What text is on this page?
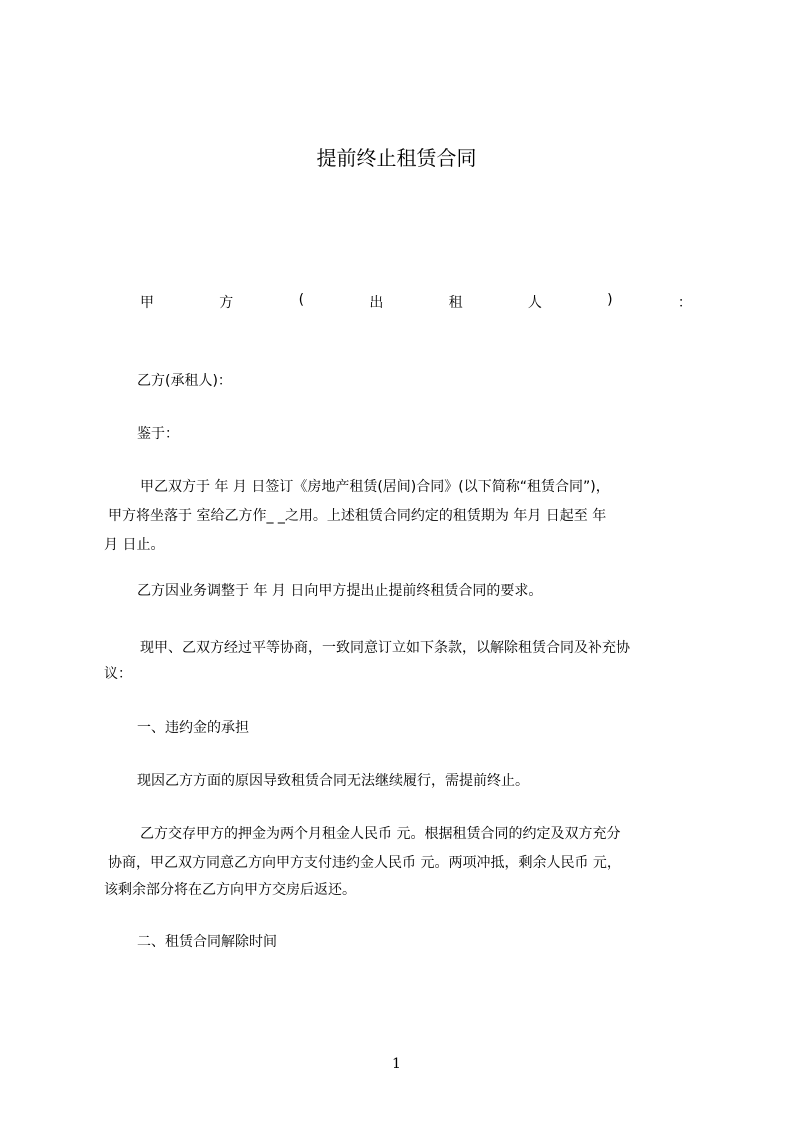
提前终止租赁合同
甲	方	(	出	租	人	)	：
乙方(承租人)：
鉴于：
甲乙双方于 年 月 日签订《房地产租赁(居间)合同》(以下简称“租赁合同”)，
甲方将坐落于 室给乙方作_ _之用。上述租赁合同约定的租赁期为 年月 日起至 年
月 日止。
乙方因业务调整于 年 月 日向甲方提出止提前终租赁合同的要求。
现甲、乙双方经过平等协商，一致同意订立如下条款，以解除租赁合同及补充协
议：
一、违约金的承担
现因乙方方面的原因导致租赁合同无法继续履行，需提前终止。
乙方交存甲方的押金为两个月租金人民币 元。根据租赁合同的约定及双方充分
协商，甲乙双方同意乙方向甲方支付违约金人民币 元。两项冲抵，剩余人民币 元，
该剩余部分将在乙方向甲方交房后返还。
二、租赁合同解除时间
1
